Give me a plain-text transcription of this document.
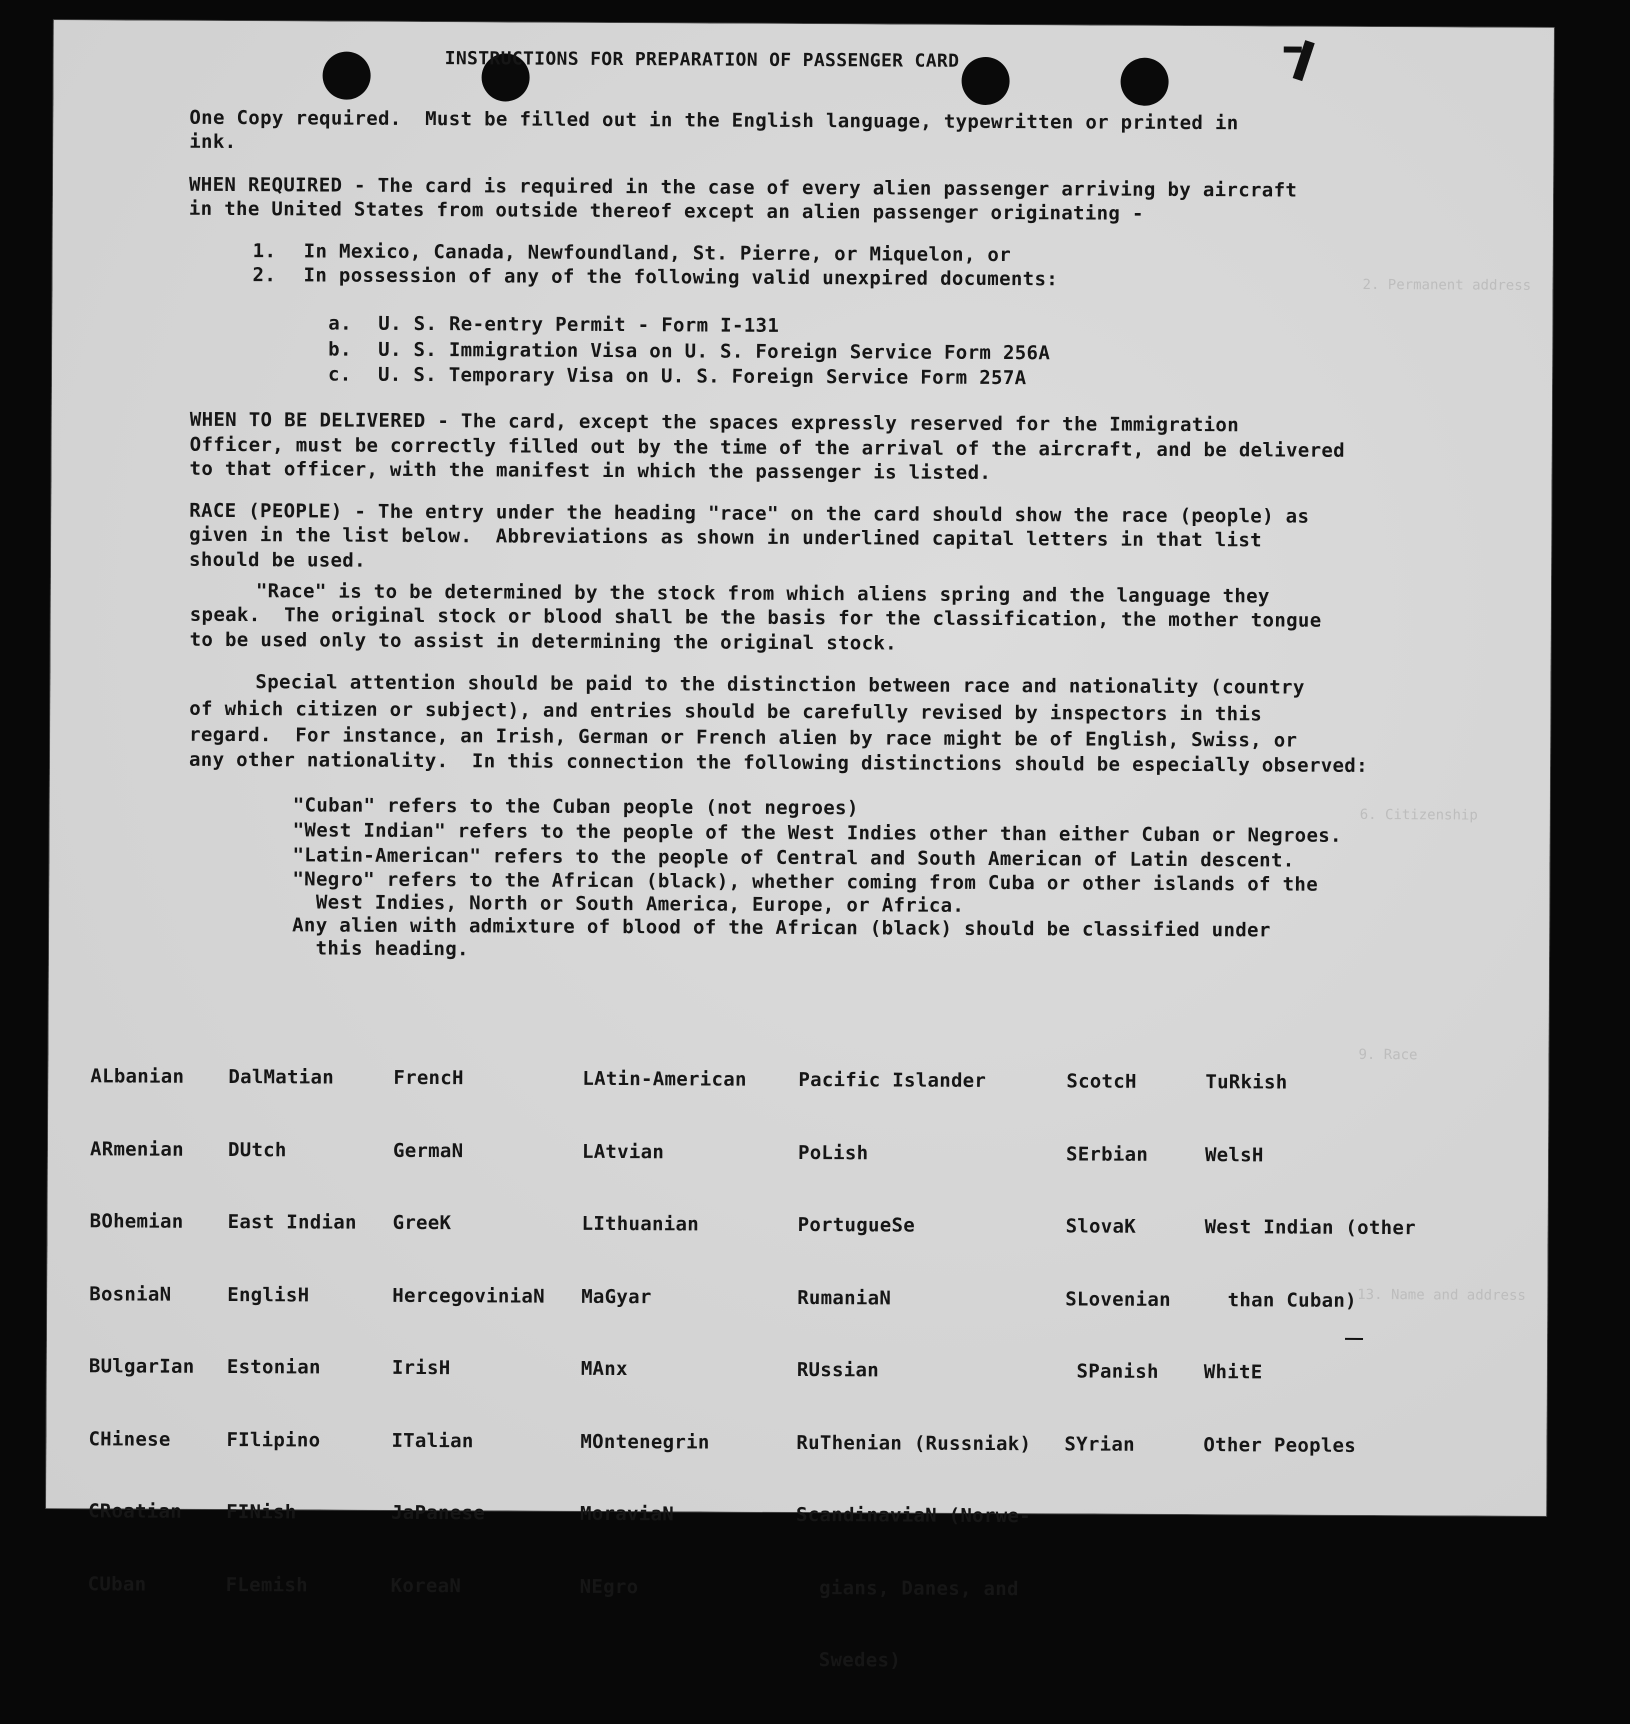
2. Permanent address
6. Citizenship
9. Race
13. Name and address
INSTRUCTIONS FOR PREPARATION OF PASSENGER CARD
One Copy required.  Must be filled out in the English language, typewritten or printed in
ink.
WHEN REQUIRED - The card is required in the case of every alien passenger arriving by aircraft
in the United States from outside thereof except an alien passenger originating -
1. In Mexico, Canada, Newfoundland, St. Pierre, or Miquelon, or
2. In possession of any of the following valid unexpired documents:
a. U. S. Re-entry Permit - Form I-131
b. U. S. Immigration Visa on U. S. Foreign Service Form 256A
c. U. S. Temporary Visa on U. S. Foreign Service Form 257A
WHEN TO BE DELIVERED - The card, except the spaces expressly reserved for the Immigration
Officer, must be correctly filled out by the time of the arrival of the aircraft, and be delivered
to that officer, with the manifest in which the passenger is listed.
RACE (PEOPLE) - The entry under the heading "race" on the card should show the race (people) as
given in the list below.  Abbreviations as shown in underlined capital letters in that list
should be used.
"Race" is to be determined by the stock from which aliens spring and the language they
speak.  The original stock or blood shall be the basis for the classification, the mother tongue
to be used only to assist in determining the original stock.
Special attention should be paid to the distinction between race and nationality (country
of which citizen or subject), and entries should be carefully revised by inspectors in this
regard.  For instance, an Irish, German or French alien by race might be of English, Swiss, or
any other nationality.  In this connection the following distinctions should be especially observed:
"Cuban" refers to the Cuban people (not negroes)
"West Indian" refers to the people of the West Indies other than either Cuban or Negroes.
"Latin-American" refers to the people of Central and South American of Latin descent.
"Negro" refers to the African (black), whether coming from Cuba or other islands of the
West Indies, North or South America, Europe, or Africa.
Any alien with admixture of blood of the African (black) should be classified under
this heading.

ALbanian

ARmenian

BOhemian

BosniaN

BUlgarIan

CHinese

CRoatian

CUban

DalMatian

DUtch

East Indian

EnglisH

Estonian

FIlipino

FINish

FLemish

FrencH

GermaN

GreeK

HercegoviniaN

IrisH

ITalian

JaPanese

KoreaN

LAtin-American

LAtvian

LIthuanian

MaGyar

MAnx

MOntenegrin

MoraviaN

NEgro

Pacific Islander

PoLish

PortugueSe

RumaniaN

RUssian

RuThenian (Russniak)

ScandinaviaN (Norwe-

gians, Danes, and

Swedes)

ScotcH

SErbian

SlovaK

SLovenian

SPanish

SYrian

TuRkish

WelsH

West Indian (other

than Cuban)

WhitE

Other Peoples
